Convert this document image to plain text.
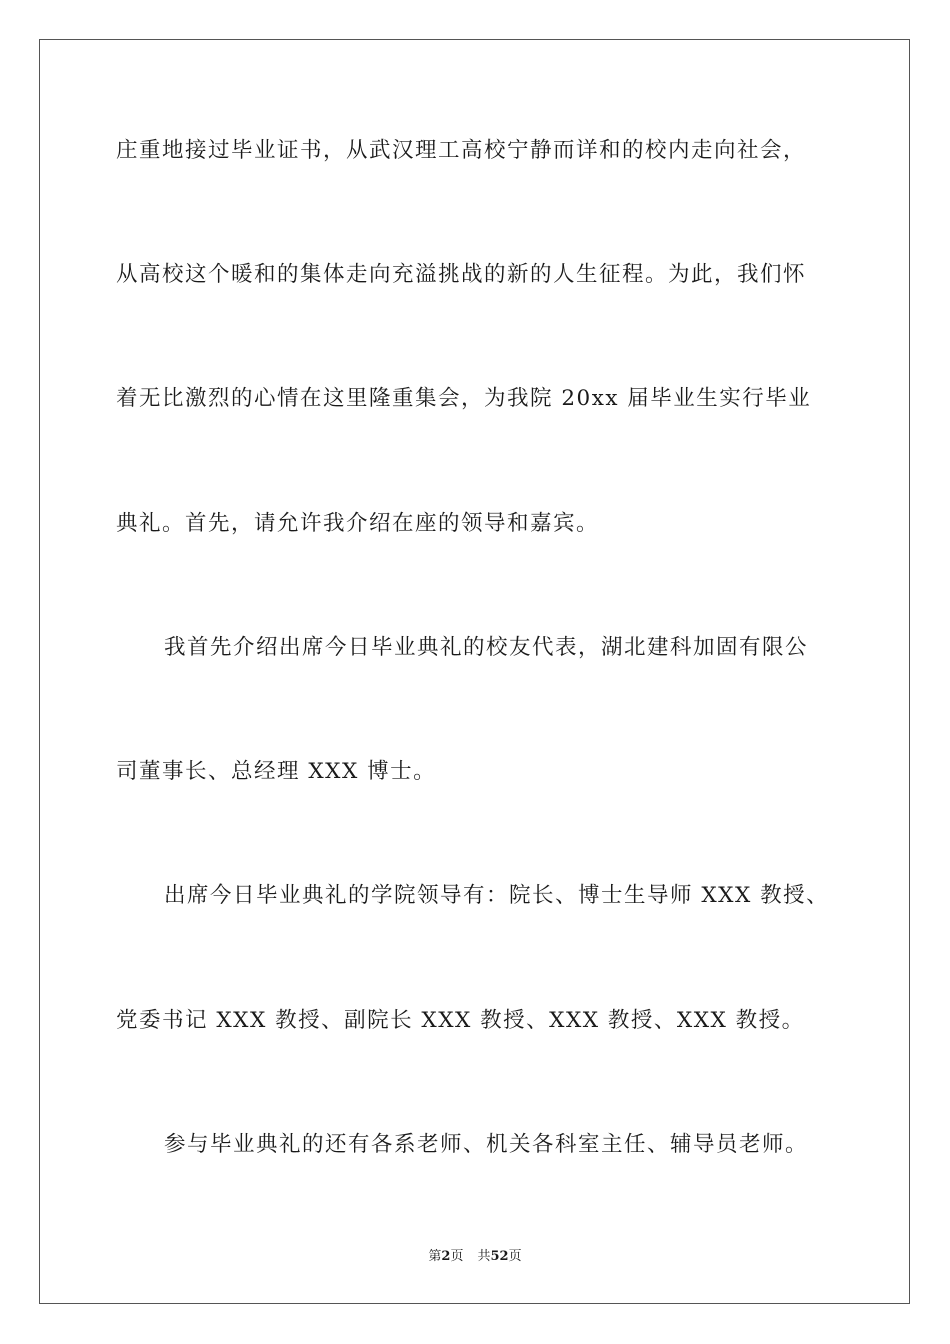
庄重地接过毕业证书，从武汉理工高校宁静而详和的校内走向社会，
从高校这个暖和的集体走向充溢挑战的新的人生征程。为此，我们怀
着无比激烈的心情在这里隆重集会，为我院 20xx 届毕业生实行毕业
典礼。首先，请允许我介绍在座的领导和嘉宾。
我首先介绍出席今日毕业典礼的校友代表，湖北建科加固有限公
司董事长、总经理 XXX 博士。
出席今日毕业典礼的学院领导有：院长、博士生导师 XXX 教授、
党委书记 XXX 教授、副院长 XXX 教授、XXX 教授、XXX 教授。
参与毕业典礼的还有各系老师、机关各科室主任、辅导员老师。
第2页 共52页
